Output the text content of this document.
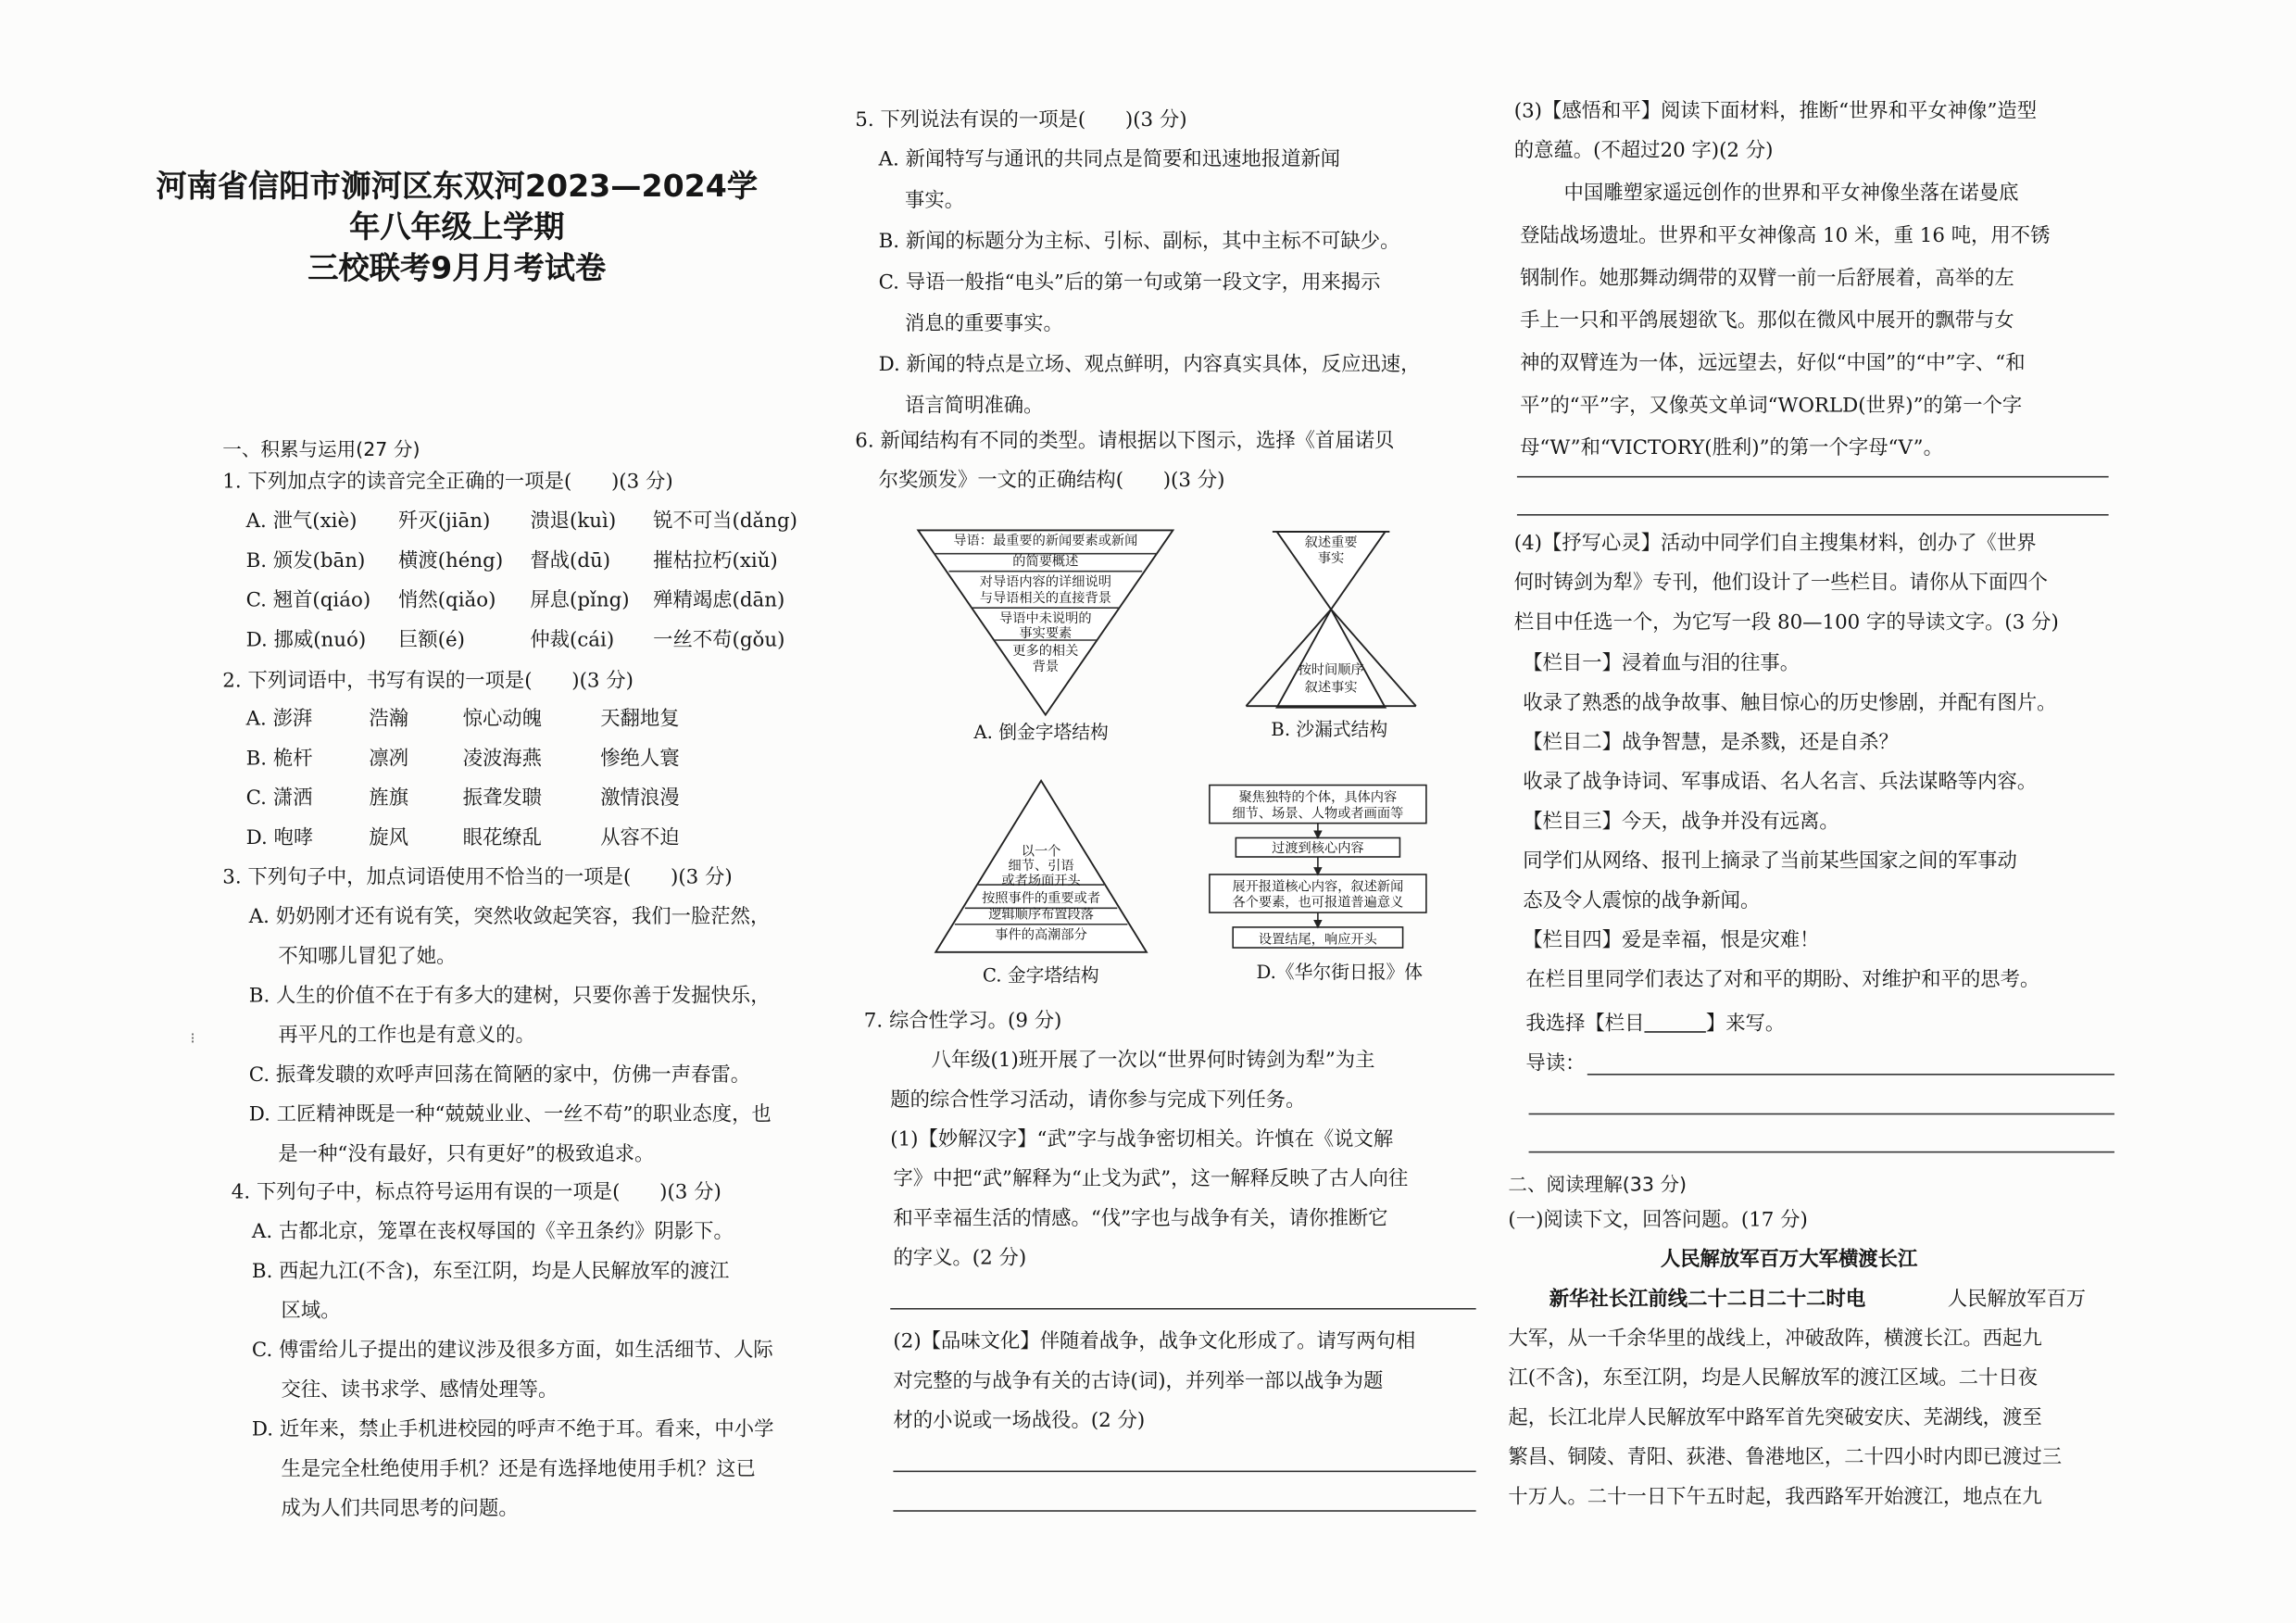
河南省信阳市浉河区东双河2023—2024学
年八年级上学期
三校联考9月月考试卷
一、积累与运用(27 分)
1. 下列加点字的读音完全正确的一项是(　　)(3 分)
A. 泄气(xiè)	歼灭(jiān)	溃退(kuì)	锐不可当(dǎng)
B. 颁发(bān)	横渡(héng) 督战(dū)	摧枯拉朽(xiǔ)
C. 翘首(qiáo) 悄然(qiǎo)	屏息(pǐng) 殚精竭虑(dān)
D. 挪威(nuó)	巨额(é)	仲裁(cái)	一丝不苟(gǒu)
2. 下列词语中，书写有误的一项是(　　)(3 分)
A. 澎湃	浩瀚	惊心动魄	天翻地复
B. 桅杆	凛冽	凌波海燕	惨绝人寰
C. 潇洒	旌旗	振聋发聩	激情浪漫
D. 咆哮	旋风	眼花缭乱	从容不迫
3. 下列句子中，加点词语使用不恰当的一项是(　　)(3 分)
A. 奶奶刚才还有说有笑，突然收敛起笑容，我们一脸茫然，
不知哪儿冒犯了她。
B. 人生的价值不在于有多大的建树，只要你善于发掘快乐，
再平凡的工作也是有意义的。
C. 振聋发聩的欢呼声回荡在简陋的家中，仿佛一声春雷。
D. 工匠精神既是一种“兢兢业业、一丝不苟”的职业态度，也
是一种“没有最好，只有更好”的极致追求。
4. 下列句子中，标点符号运用有误的一项是(　　)(3 分)
A. 古都北京，笼罩在丧权辱国的《辛丑条约》阴影下。
B. 西起九江(不含)，东至江阴，均是人民解放军的渡江
区域。
C. 傅雷给儿子提出的建议涉及很多方面，如生活细节、人际
交往、读书求学、感情处理等。
D. 近年来，禁止手机进校园的呼声不绝于耳。看来，中小学
生是完全杜绝使用手机？还是有选择地使用手机？这已
成为人们共同思考的问题。
5. 下列说法有误的一项是(　　)(3 分)
A. 新闻特写与通讯的共同点是简要和迅速地报道新闻
事实。
B. 新闻的标题分为主标、引标、副标，其中主标不可缺少。
C. 导语一般指“电头”后的第一句或第一段文字，用来揭示
消息的重要事实。
D. 新闻的特点是立场、观点鲜明，内容真实具体，反应迅速，
语言简明准确。
6. 新闻结构有不同的类型。请根据以下图示，选择《首届诺贝
尔奖颁发》一文的正确结构(　　)(3 分)
导语：最重要的新闻要素或新闻
的简要概述
对导语内容的详细说明
与导语相关的直接背景
导语中未说明的
事实要素
更多的相关
背景
A. 倒金字塔结构
叙述重要
事实
按时间顺序
叙述事实
B. 沙漏式结构
以一个
细节、引语
或者场面开头
按照事件的重要或者
逻辑顺序布置段落
事件的高潮部分
C. 金字塔结构
聚焦独特的个体，具体内容
细节、场景、人物或者画面等
过渡到核心内容
展开报道核心内容，叙述新闻
各个要素，也可报道普遍意义
设置结尾，响应开头
D.《华尔街日报》体
7. 综合性学习。(9 分)
八年级(1)班开展了一次以“世界何时铸剑为犁”为主
题的综合性学习活动，请你参与完成下列任务。
(1)【妙解汉字】“武”字与战争密切相关。许慎在《说文解
字》中把“武”解释为“止戈为武”，这一解释反映了古人向往
和平幸福生活的情感。“伐”字也与战争有关，请你推断它
的字义。(2 分)
(2)【品味文化】伴随着战争，战争文化形成了。请写两句相
对完整的与战争有关的古诗(词)，并列举一部以战争为题
材的小说或一场战役。(2 分)
(3)【感悟和平】阅读下面材料，推断“世界和平女神像”造型
的意蕴。(不超过20 字)(2 分)
中国雕塑家遥远创作的世界和平女神像坐落在诺曼底
登陆战场遗址。世界和平女神像高 10 米，重 16 吨，用不锈
钢制作。她那舞动绸带的双臂一前一后舒展着，高举的左
手上一只和平鸽展翅欲飞。那似在微风中展开的飘带与女
神的双臂连为一体，远远望去，好似“中国”的“中”字、“和
平”的“平”字，又像英文单词“WORLD(世界)”的第一个字
母“W”和“VICTORY(胜利)”的第一个字母“V”。
(4)【抒写心灵】活动中同学们自主搜集材料，创办了《世界
何时铸剑为犁》专刊，他们设计了一些栏目。请你从下面四个
栏目中任选一个，为它写一段 80—100 字的导读文字。(3 分)
【栏目一】浸着血与泪的往事。
收录了熟悉的战争故事、触目惊心的历史惨剧，并配有图片。
【栏目二】战争智慧，是杀戮，还是自杀？
收录了战争诗词、军事成语、名人名言、兵法谋略等内容。
【栏目三】今天，战争并没有远离。
同学们从网络、报刊上摘录了当前某些国家之间的军事动
态及令人震惊的战争新闻。
【栏目四】爱是幸福，恨是灾难！
在栏目里同学们表达了对和平的期盼、对维护和平的思考。
我选择【栏目	】来写。
导读：
二、阅读理解(33 分)
(一)阅读下文，回答问题。(17 分)
人民解放军百万大军横渡长江
新华社长江前线二十二日二十二时电	人民解放军百万
大军，从一千余华里的战线上，冲破敌阵，横渡长江。西起九
江(不含)，东至江阴，均是人民解放军的渡江区域。二十日夜
起，长江北岸人民解放军中路军首先突破安庆、芜湖线，渡至
繁昌、铜陵、青阳、荻港、鲁港地区，二十四小时内即已渡过三
十万人。二十一日下午五时起，我西路军开始渡江，地点在九
⁝
